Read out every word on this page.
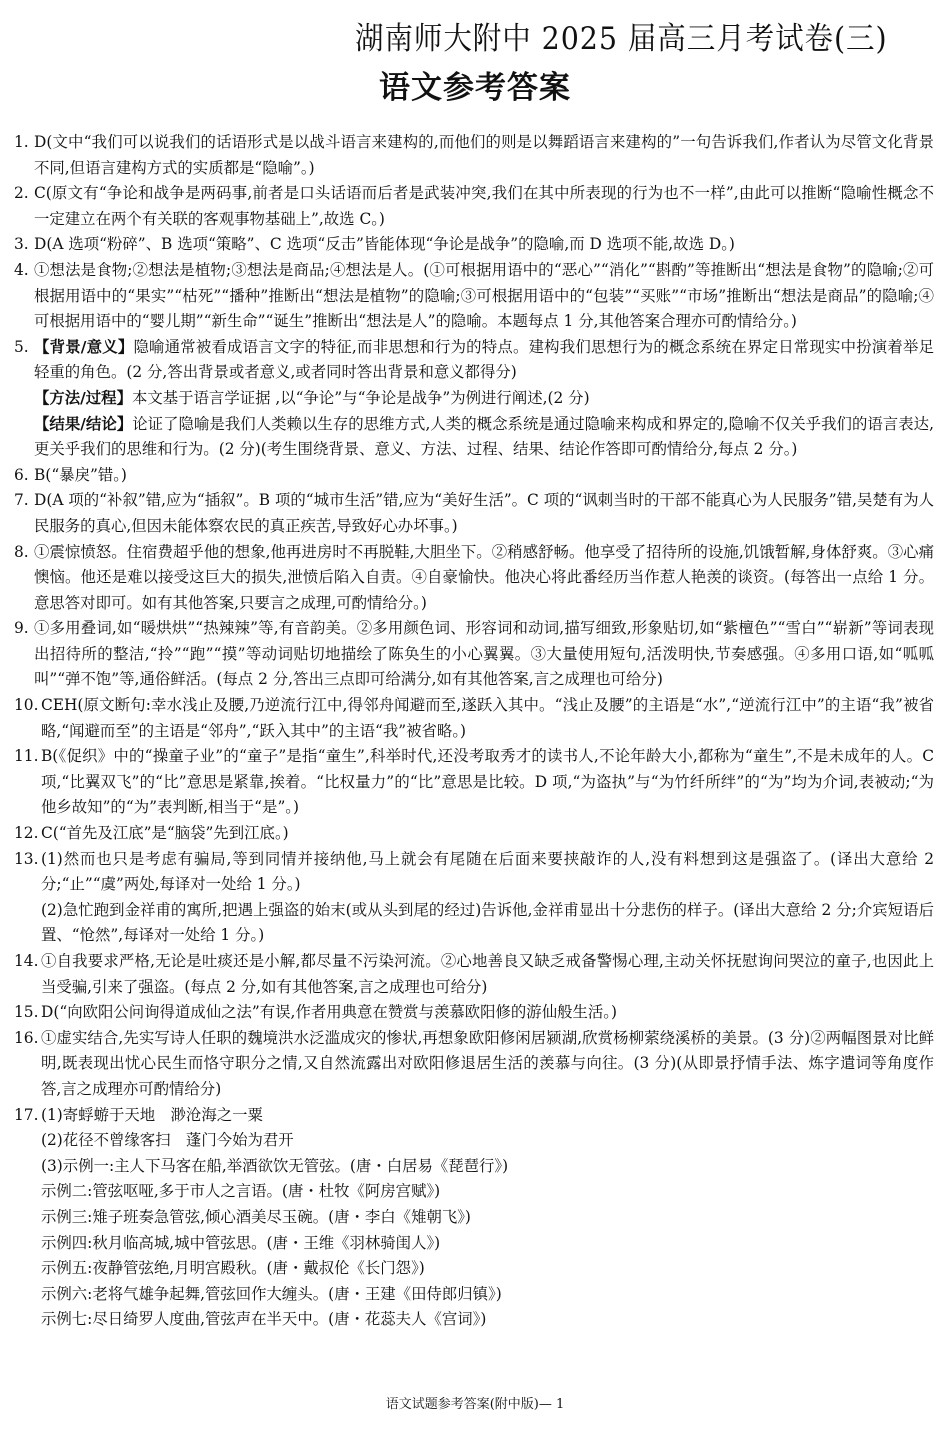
湖南师大附中 2025 届高三月考试卷(三)
语文参考答案
1. D(文中“我们可以说我们的话语形式是以战斗语言来建构的,而他们的则是以舞蹈语言来建构的”一句告诉我们,作者认为尽管文化背景不同,但语言建构方式的实质都是“隐喻”。)
2. C(原文有“争论和战争是两码事,前者是口头话语而后者是武装冲突,我们在其中所表现的行为也不一样”,由此可以推断“隐喻性概念不一定建立在两个有关联的客观事物基础上”,故选 C。)
3. D(A 选项“粉碎”、B 选项“策略”、C 选项“反击”皆能体现“争论是战争”的隐喻,而 D 选项不能,故选 D。)
4. ①想法是食物;②想法是植物;③想法是商品;④想法是人。(①可根据用语中的“恶心”“消化”“斟酌”等推断出“想法是食物”的隐喻;②可根据用语中的“果实”“枯死”“播种”推断出“想法是植物”的隐喻;③可根据用语中的“包装”“买账”“市场”推断出“想法是商品”的隐喻;④可根据用语中的“婴儿期”“新生命”“诞生”推断出“想法是人”的隐喻。本题每点 1 分,其他答案合理亦可酌情给分。)
5. 【背景/意义】隐喻通常被看成语言文字的特征,而非思想和行为的特点。建构我们思想行为的概念系统在界定日常现实中扮演着举足轻重的角色。(2 分,答出背景或者意义,或者同时答出背景和意义都得分)
【方法/过程】本文基于语言学证据 ,以“争论”与“争论是战争”为例进行阐述,(2 分)
【结果/结论】论证了隐喻是我们人类赖以生存的思维方式,人类的概念系统是通过隐喻来构成和界定的,隐喻不仅关乎我们的语言表达,更关乎我们的思维和行为。(2 分)(考生围绕背景、意义、方法、过程、结果、结论作答即可酌情给分,每点 2 分。)
6. B(“暴戾”错。)
7. D(A 项的“补叙”错,应为“插叙”。B 项的“城市生活”错,应为“美好生活”。C 项的“讽刺当时的干部不能真心为人民服务”错,吴楚有为人民服务的真心,但因未能体察农民的真正疾苦,导致好心办坏事。)
8. ①震惊愤怒。住宿费超乎他的想象,他再进房时不再脱鞋,大胆坐下。②稍感舒畅。他享受了招待所的设施,饥饿暂解,身体舒爽。③心痛懊恼。他还是难以接受这巨大的损失,泄愤后陷入自责。④自豪愉快。他决心将此番经历当作惹人艳羡的谈资。(每答出一点给 1 分。意思答对即可。如有其他答案,只要言之成理,可酌情给分。)
9. ①多用叠词,如“暖烘烘”“热辣辣”等,有音韵美。②多用颜色词、形容词和动词,描写细致,形象贴切,如“紫檀色”“雪白”“崭新”等词表现出招待所的整洁,“拎”“跑”“摸”等动词贴切地描绘了陈奂生的小心翼翼。③大量使用短句,活泼明快,节奏感强。④多用口语,如“呱呱叫”“弹不饱”等,通俗鲜活。(每点 2 分,答出三点即可给满分,如有其他答案,言之成理也可给分)
10. CEH(原文断句:幸水浅止及腰,乃逆流行江中,得邻舟闻避而至,遂跃入其中。“浅止及腰”的主语是“水”,“逆流行江中”的主语“我”被省略,“闻避而至”的主语是“邻舟”,“跃入其中”的主语“我”被省略。)
11. B(《促织》中的“操童子业”的“童子”是指“童生”,科举时代,还没考取秀才的读书人,不论年龄大小,都称为“童生”,不是未成年的人。C 项,“比翼双飞”的“比”意思是紧靠,挨着。“比权量力”的“比”意思是比较。D 项,“为盗执”与“为竹纤所绊”的“为”均为介词,表被动;“为他乡故知”的“为”表判断,相当于“是”。)
12. C(“首先及江底”是“脑袋”先到江底。)
13. (1)然而也只是考虑有骗局,等到同情并接纳他,马上就会有尾随在后面来要挟敲诈的人,没有料想到这是强盗了。(译出大意给 2 分;“止”“虞”两处,每译对一处给 1 分。)
(2)急忙跑到金祥甫的寓所,把遇上强盗的始末(或从头到尾的经过)告诉他,金祥甫显出十分悲伤的样子。(译出大意给 2 分;介宾短语后置、“怆然”,每译对一处给 1 分。)
14. ①自我要求严格,无论是吐痰还是小解,都尽量不污染河流。②心地善良又缺乏戒备警惕心理,主动关怀抚慰询问哭泣的童子,也因此上当受骗,引来了强盗。(每点 2 分,如有其他答案,言之成理也可给分)
15. D(“向欧阳公问询得道成仙之法”有误,作者用典意在赞赏与羡慕欧阳修的游仙般生活。)
16. ①虚实结合,先实写诗人任职的魏境洪水泛滥成灾的惨状,再想象欧阳修闲居颍湖,欣赏杨柳萦绕溪桥的美景。(3 分)②两幅图景对比鲜明,既表现出忧心民生而恪守职分之情,又自然流露出对欧阳修退居生活的羡慕与向往。(3 分)(从即景抒情手法、炼字遣词等角度作答,言之成理亦可酌情给分)
17. (1)寄蜉蝣于天地　渺沧海之一粟
(2)花径不曾缘客扫　蓬门今始为君开
(3)示例一:主人下马客在船,举酒欲饮无管弦。(唐・白居易《琵琶行》)
示例二:管弦呕哑,多于市人之言语。(唐・杜牧《阿房宫赋》)
示例三:雉子班奏急管弦,倾心酒美尽玉碗。(唐・李白《雉朝飞》)
示例四:秋月临高城,城中管弦思。(唐・王维《羽林骑闺人》)
示例五:夜静管弦绝,月明宫殿秋。(唐・戴叔伦《长门怨》)
示例六:老将气雄争起舞,管弦回作大缠头。(唐・王建《田侍郎归镇》)
示例七:尽日绮罗人度曲,管弦声在半天中。(唐・花蕊夫人《宫词》)
语文试题参考答案(附中版)— 1
